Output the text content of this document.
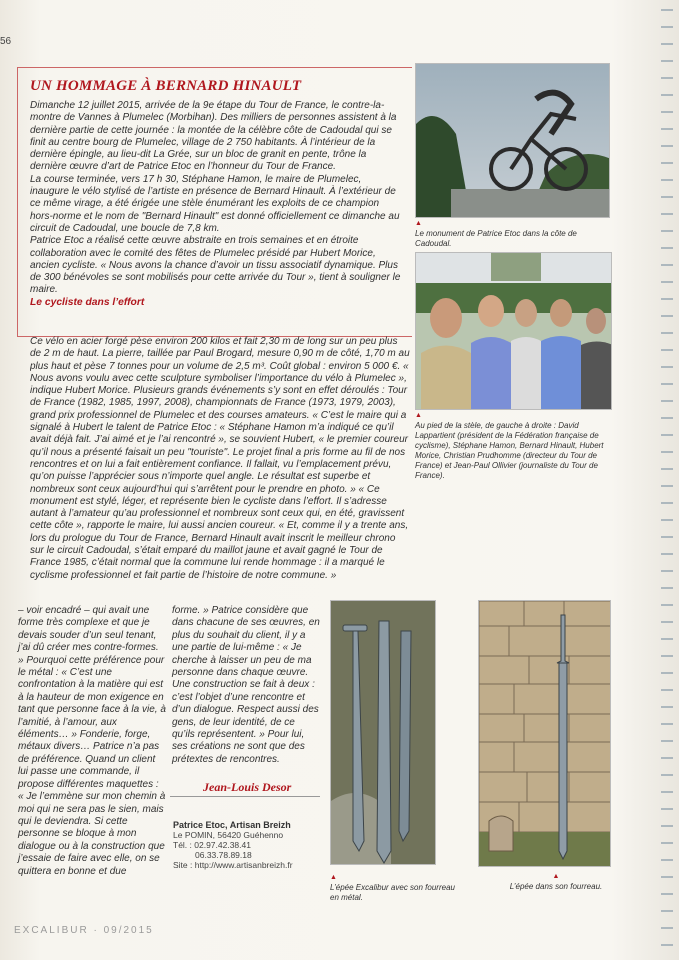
56
UN HOMMAGE À BERNARD HINAULT

Dimanche 12 juillet 2015, arrivée de la 9e étape du Tour de France, le contre-la-montre de Vannes à Plumelec (Morbihan). Des milliers de personnes assistent à la dernière partie de cette journée : la montée de la célèbre côte de Cadoudal qui se finit au centre bourg de Plumelec, village de 2 750 habitants. À l’intérieur de la dernière épingle, au lieu-dit La Grée, sur un bloc de granit en pente, trône la dernière œuvre d’art de Patrice Etoc en l’honneur du Tour de France.

La course terminée, vers 17 h 30, Stéphane Hamon, le maire de Plumelec, inaugure le vélo stylisé de l’artiste en présence de Bernard Hinault. À l’extérieur de ce même virage, a été érigée une stèle énumérant les exploits de ce champion hors-norme et le nom de "Bernard Hinault" est donné officiellement ce dimanche au circuit de Cadoudal, une boucle de 7,8 km.

Patrice Etoc a réalisé cette œuvre abstraite en trois semaines et en étroite collaboration avec le comité des fêtes de Plumelec présidé par Hubert Morice, ancien cycliste. « Nous avons la chance d’avoir un tissu associatif dynamique. Plus de 300 bénévoles se sont mobilisés pour cette arrivée du Tour », tient à souligner le maire.

Le cycliste dans l’effort

Ce vélo en acier forgé pèse environ 200 kilos et fait 2,30 m de long sur un peu plus de 2 m de haut. La pierre, taillée par Paul Brogard, mesure 0,90 m de côté, 1,70 m au plus haut et pèse 7 tonnes pour un volume de 2,5 m³. Coût global : environ 5 000 €. « Nous avons voulu avec cette sculpture symboliser l’importance du vélo à Plumelec », indique Hubert Morice. Plusieurs grands événements s’y sont en effet déroulés : Tour de France (1982, 1985, 1997, 2008), championnats de France (1973, 1979, 2003), grand prix professionnel de Plumelec et des courses amateurs. « C’est le maire qui a signalé à Hubert le talent de Patrice Etoc : « Stéphane Hamon m’a indiqué ce qu’il avait déjà fait. J’ai aimé et je l’ai rencontré », se souvient Hubert, « le premier coureur qu’il nous a présenté faisait un peu "touriste". Le projet final a pris forme au fil de nos rencontres et on lui a fait entièrement confiance. Il fallait, vu l’emplacement prévu, qu’on puisse l’apprécier sous n’importe quel angle. Le résultat est superbe et nombreux sont ceux aujourd’hui qui s’arrêtent pour le prendre en photo. » « Ce monument est stylé, léger, et représente bien le cycliste dans l’effort. Il s’adresse autant à l’amateur qu’au professionnel et nombreux sont ceux qui, en été, gravissent cette côte », rapporte le maire, lui aussi ancien coureur. « Et, comme il y a trente ans, lors du prologue du Tour de France, Bernard Hinault avait inscrit le meilleur chrono sur le circuit Cadoudal, s’était emparé du maillot jaune et avait gagné le Tour de France 1985, c’était normal que la commune lui rende hommage : il a marqué le cyclisme professionnel et fait partie de l’histoire de notre commune. »

▲
Le monument de Patrice Etoc dans la côte de Cadoudal.
▲
Au pied de la stèle, de gauche à droite : David Lappartient (président de la Fédération française de cyclisme), Stéphane Hamon, Bernard Hinault, Hubert Morice, Christian Prudhomme (directeur du Tour de France) et Jean-Paul Ollivier (journaliste du Tour de France).

– voir encadré – qui avait une forme très complexe et que je devais souder d’un seul tenant, j’ai dû créer mes contre-formes. » Pourquoi cette préférence pour le métal : « C’est une confrontation à la matière qui est à la hauteur de mon exigence en tant que personne face à la vie, à l’amitié, à l’amour, aux éléments… » Fonderie, forge, métaux divers… Patrice n’a pas de préférence. Quand un client lui passe une commande, il propose différentes maquettes : « Je l’emmène sur mon chemin à moi qui ne sera pas le sien, mais qui le deviendra. Si cette personne se bloque à mon dialogue ou à la construction que j’essaie de faire avec elle, on se quittera en bonne et due

forme. » Patrice considère que dans chacune de ses œuvres, en plus du souhait du client, il y a une partie de lui-même : « Je cherche à laisser un peu de ma personne dans chaque œuvre. Une construction se fait à deux : c’est l’objet d’une rencontre et d’un dialogue. Respect aussi des gens, de leur identité, de ce qu’ils représentent. » Pour lui, ses créations ne sont que des prétextes de rencontres.

Jean-Louis Desor
Patrice Etoc, Artisan Breizh
Le POMIN, 56420 Guéhenno
Tél. : 02.97.42.38.41
06.33.78.89.18
Site : http://www.artisanbreizh.fr
▲
L’épée Excalibur avec son fourreau en métal.
▲
L’épée dans son fourreau.
EXCALIBUR · 09/2015
